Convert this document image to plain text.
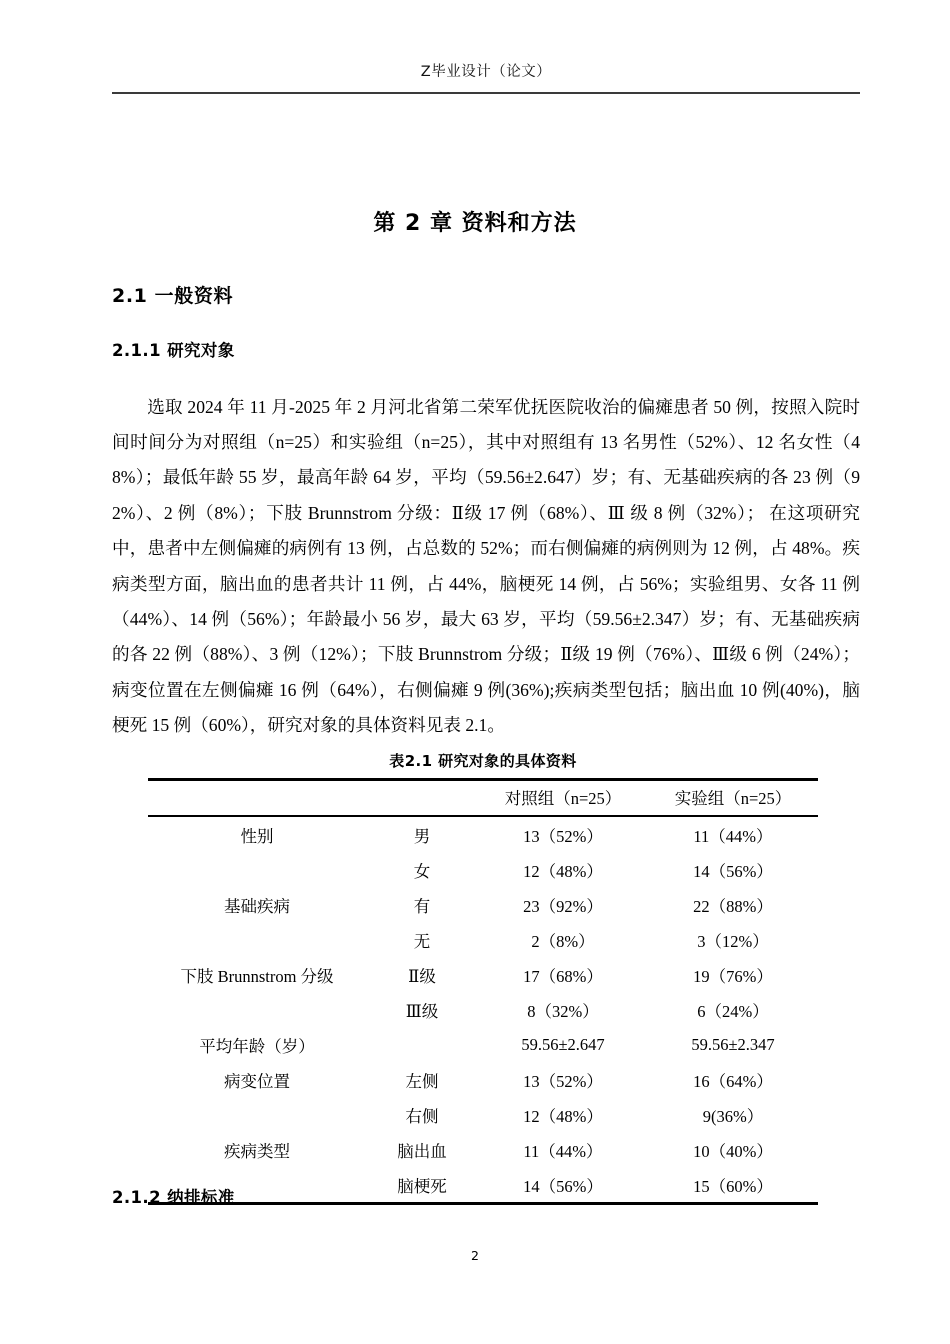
Z毕业设计（论文）
第 2 章 资料和方法
2.1 一般资料
2.1.1 研究对象

选取 2024 年 11 月‑2025 年 2 月河北省第二荣军优抚医院收治的偏瘫患者 50 例，按照入院时间时间分为对照组（n=25）和实验组（n=25），其中对照组有 13 名男性（52%）、12 名女性（48%）；最低年龄 55 岁，最高年龄 64 岁，平均（59.56±2.647）岁；有、无基础疾病的各 23 例（92%）、2 例（8%）；下肢 Brunnstrom 分级：Ⅱ级 17 例（68%）、Ⅲ 级 8 例（32%）； 在这项研究中，患者中左侧偏瘫的病例有 13 例，占总数的 52%；而右侧偏瘫的病例则为 12 例，占 48%。疾病类型方面，脑出血的患者共计 11 例，占 44%，脑梗死 14 例，占 56%；实验组男、女各 11 例（44%）、14 例（56%）；年龄最小 56 岁，最大 63 岁，平均（59.56±2.347）岁；有、无基础疾病的各 22 例（88%）、3 例（12%）；下肢 Brunnstrom 分级；Ⅱ级 19 例（76%）、Ⅲ级 6 例（24%）；病变位置在左侧偏瘫 16 例（64%），右侧偏瘫 9 例(36%);疾病类型包括；脑出血 10 例(40%)，脑梗死 15 例（60%），研究对象的具体资料见表 2.1。

表2.1 研究对象的具体资料
		对照组（n=25）	实验组（n=25）
性别	男	13（52%）	11（44%）
	女	12（48%）	14（56%）
基础疾病	有	23（92%）	22（88%）
	无	2（8%）	3（12%）
下肢 Brunnstrom 分级	Ⅱ级	17（68%）	19（76%）
	Ⅲ级	8（32%）	6（24%）
平均年龄（岁）		59.56±2.647	59.56±2.347
病变位置	左侧	13（52%）	16（64%）
	右侧	12（48%）	9(36%）
疾病类型	脑出血	11（44%）	10（40%）
	脑梗死	14（56%）	15（60%）
2.1.2 纳排标准
2
